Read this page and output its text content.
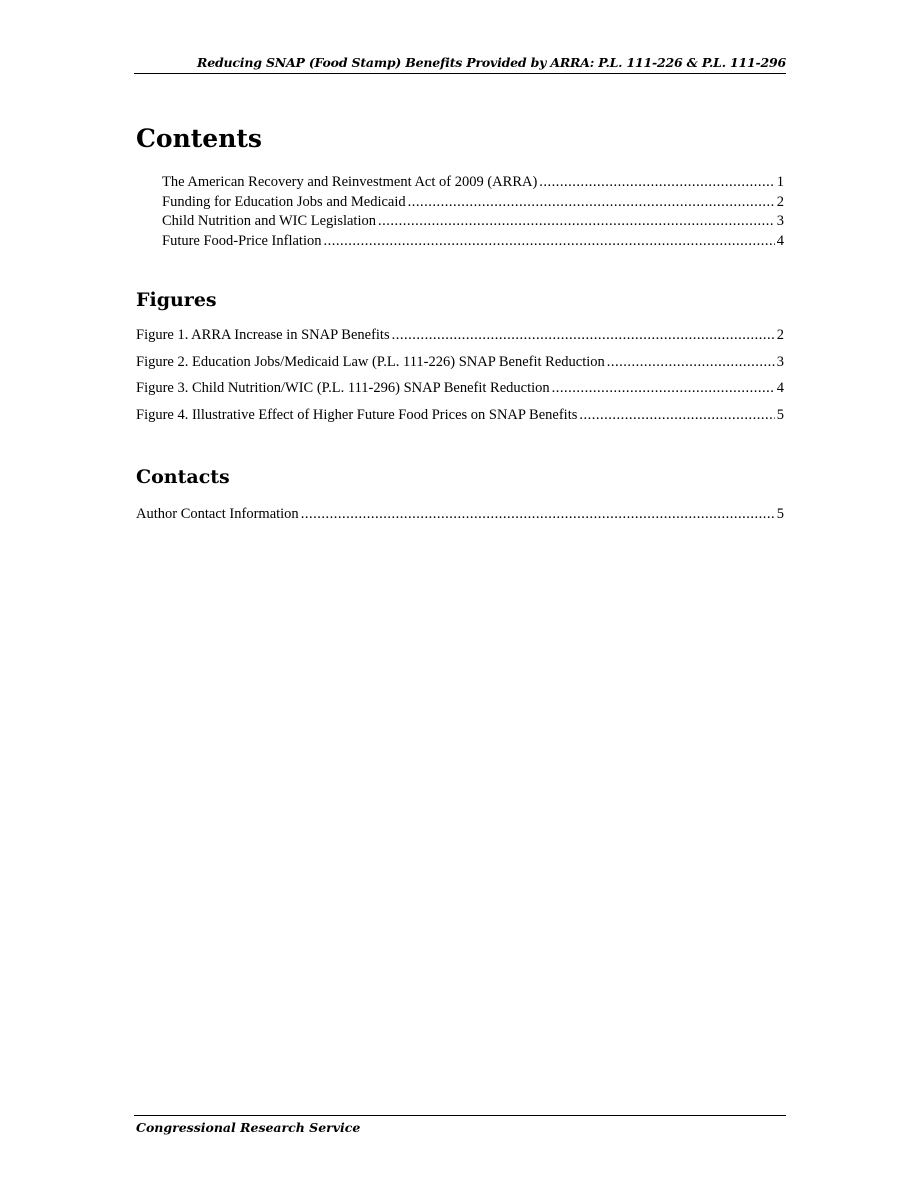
Reducing SNAP (Food Stamp) Benefits Provided by ARRA: P.L. 111-226 & P.L. 111-296
Contents
The American Recovery and Reinvestment Act of 2009 (ARRA) .....	1
Funding for Education Jobs and Medicaid .....	2
Child Nutrition and WIC Legislation .....	3
Future Food-Price Inflation .....	4
Figures
Figure 1. ARRA Increase in SNAP Benefits .....	2
Figure 2. Education Jobs/Medicaid Law (P.L. 111-226) SNAP Benefit Reduction .....	3
Figure 3. Child Nutrition/WIC (P.L. 111-296) SNAP Benefit Reduction .....	4
Figure 4. Illustrative Effect of Higher Future Food Prices on SNAP Benefits .....	5
Contacts
Author Contact Information .....	5
Congressional Research Service
